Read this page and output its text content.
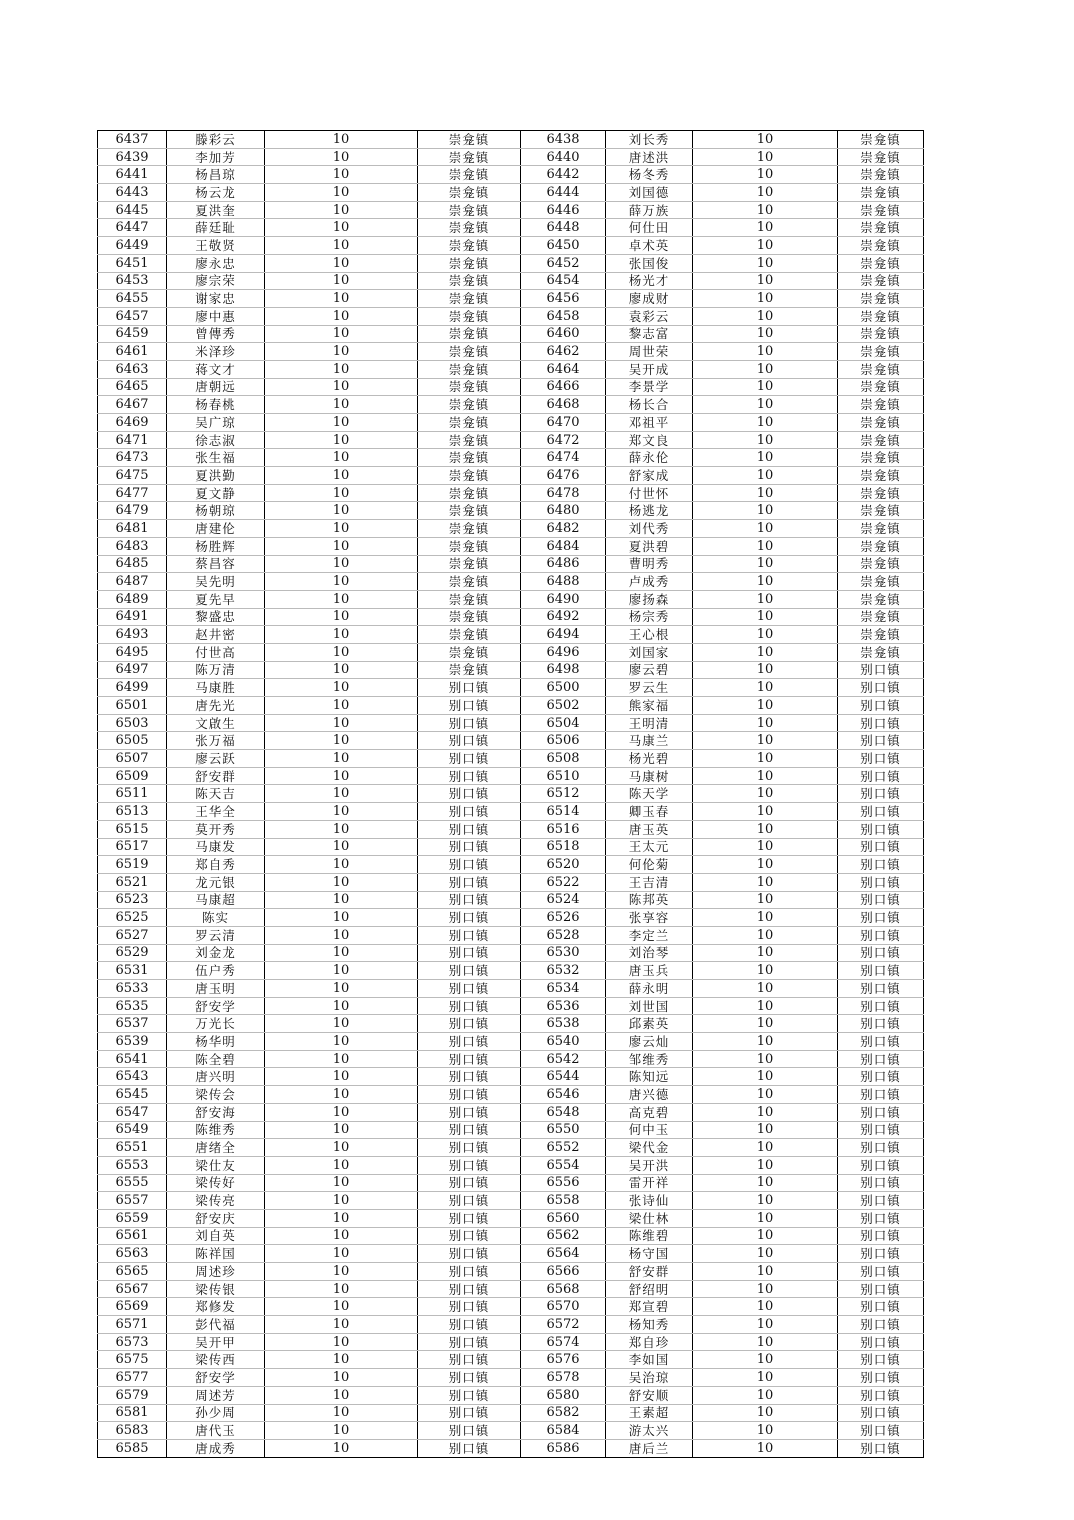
6437	滕彩云	10	崇龛镇	6438	刘长秀	10	崇龛镇
6439	李加芳	10	崇龛镇	6440	唐述洪	10	崇龛镇
6441	杨昌琼	10	崇龛镇	6442	杨冬秀	10	崇龛镇
6443	杨云龙	10	崇龛镇	6444	刘国德	10	崇龛镇
6445	夏洪奎	10	崇龛镇	6446	薛万族	10	崇龛镇
6447	薛廷耻	10	崇龛镇	6448	何仕田	10	崇龛镇
6449	王敬贤	10	崇龛镇	6450	卓术英	10	崇龛镇
6451	廖永忠	10	崇龛镇	6452	张国俊	10	崇龛镇
6453	廖宗荣	10	崇龛镇	6454	杨光才	10	崇龛镇
6455	谢家忠	10	崇龛镇	6456	廖成财	10	崇龛镇
6457	廖中惠	10	崇龛镇	6458	袁彩云	10	崇龛镇
6459	曾傳秀	10	崇龛镇	6460	黎志富	10	崇龛镇
6461	米泽珍	10	崇龛镇	6462	周世荣	10	崇龛镇
6463	蒋文才	10	崇龛镇	6464	吴开成	10	崇龛镇
6465	唐朝远	10	崇龛镇	6466	李景学	10	崇龛镇
6467	杨春桃	10	崇龛镇	6468	杨长合	10	崇龛镇
6469	吴广琼	10	崇龛镇	6470	邓祖平	10	崇龛镇
6471	徐志淑	10	崇龛镇	6472	郑文良	10	崇龛镇
6473	张生福	10	崇龛镇	6474	薛永伦	10	崇龛镇
6475	夏洪勤	10	崇龛镇	6476	舒家成	10	崇龛镇
6477	夏文静	10	崇龛镇	6478	付世怀	10	崇龛镇
6479	杨朝琼	10	崇龛镇	6480	杨逃龙	10	崇龛镇
6481	唐建伦	10	崇龛镇	6482	刘代秀	10	崇龛镇
6483	杨胜辉	10	崇龛镇	6484	夏洪碧	10	崇龛镇
6485	蔡昌容	10	崇龛镇	6486	曹明秀	10	崇龛镇
6487	吴先明	10	崇龛镇	6488	卢成秀	10	崇龛镇
6489	夏先早	10	崇龛镇	6490	廖扬森	10	崇龛镇
6491	黎盛忠	10	崇龛镇	6492	杨宗秀	10	崇龛镇
6493	赵井密	10	崇龛镇	6494	王心根	10	崇龛镇
6495	付世高	10	崇龛镇	6496	刘国家	10	崇龛镇
6497	陈万清	10	崇龛镇	6498	廖云碧	10	别口镇
6499	马康胜	10	别口镇	6500	罗云生	10	别口镇
6501	唐先光	10	别口镇	6502	熊家福	10	别口镇
6503	文啟生	10	别口镇	6504	王明清	10	别口镇
6505	张万福	10	别口镇	6506	马康兰	10	别口镇
6507	廖云跃	10	别口镇	6508	杨光碧	10	别口镇
6509	舒安群	10	别口镇	6510	马康树	10	别口镇
6511	陈天吉	10	别口镇	6512	陈天学	10	别口镇
6513	王华全	10	别口镇	6514	卿玉春	10	别口镇
6515	莫开秀	10	别口镇	6516	唐玉英	10	别口镇
6517	马康发	10	别口镇	6518	王太元	10	别口镇
6519	郑自秀	10	别口镇	6520	何伦菊	10	别口镇
6521	龙元银	10	别口镇	6522	王吉清	10	别口镇
6523	马康超	10	别口镇	6524	陈邦英	10	别口镇
6525	陈实	10	别口镇	6526	张享容	10	别口镇
6527	罗云清	10	别口镇	6528	李定兰	10	别口镇
6529	刘金龙	10	别口镇	6530	刘治琴	10	别口镇
6531	伍户秀	10	别口镇	6532	唐玉兵	10	别口镇
6533	唐玉明	10	别口镇	6534	薛永明	10	别口镇
6535	舒安学	10	别口镇	6536	刘世国	10	别口镇
6537	万光长	10	别口镇	6538	邱素英	10	别口镇
6539	杨华明	10	别口镇	6540	廖云灿	10	别口镇
6541	陈全碧	10	别口镇	6542	邹维秀	10	别口镇
6543	唐兴明	10	别口镇	6544	陈知远	10	别口镇
6545	梁传会	10	别口镇	6546	唐兴德	10	别口镇
6547	舒安海	10	别口镇	6548	高克碧	10	别口镇
6549	陈维秀	10	别口镇	6550	何中玉	10	别口镇
6551	唐绪全	10	别口镇	6552	梁代金	10	别口镇
6553	梁仕友	10	别口镇	6554	吴开洪	10	别口镇
6555	梁传好	10	别口镇	6556	雷开祥	10	别口镇
6557	梁传亮	10	别口镇	6558	张诗仙	10	别口镇
6559	舒安庆	10	别口镇	6560	梁仕林	10	别口镇
6561	刘自英	10	别口镇	6562	陈维碧	10	别口镇
6563	陈祥国	10	别口镇	6564	杨守国	10	别口镇
6565	周述珍	10	别口镇	6566	舒安群	10	别口镇
6567	梁传银	10	别口镇	6568	舒绍明	10	别口镇
6569	郑修发	10	别口镇	6570	郑宣碧	10	别口镇
6571	彭代福	10	别口镇	6572	杨知秀	10	别口镇
6573	吴开甲	10	别口镇	6574	郑自珍	10	别口镇
6575	梁传西	10	别口镇	6576	李如国	10	别口镇
6577	舒安学	10	别口镇	6578	吴治琼	10	别口镇
6579	周述芳	10	别口镇	6580	舒安顺	10	别口镇
6581	孙少周	10	别口镇	6582	王素超	10	别口镇
6583	唐代玉	10	别口镇	6584	游太兴	10	别口镇
6585	唐成秀	10	别口镇	6586	唐后兰	10	别口镇
